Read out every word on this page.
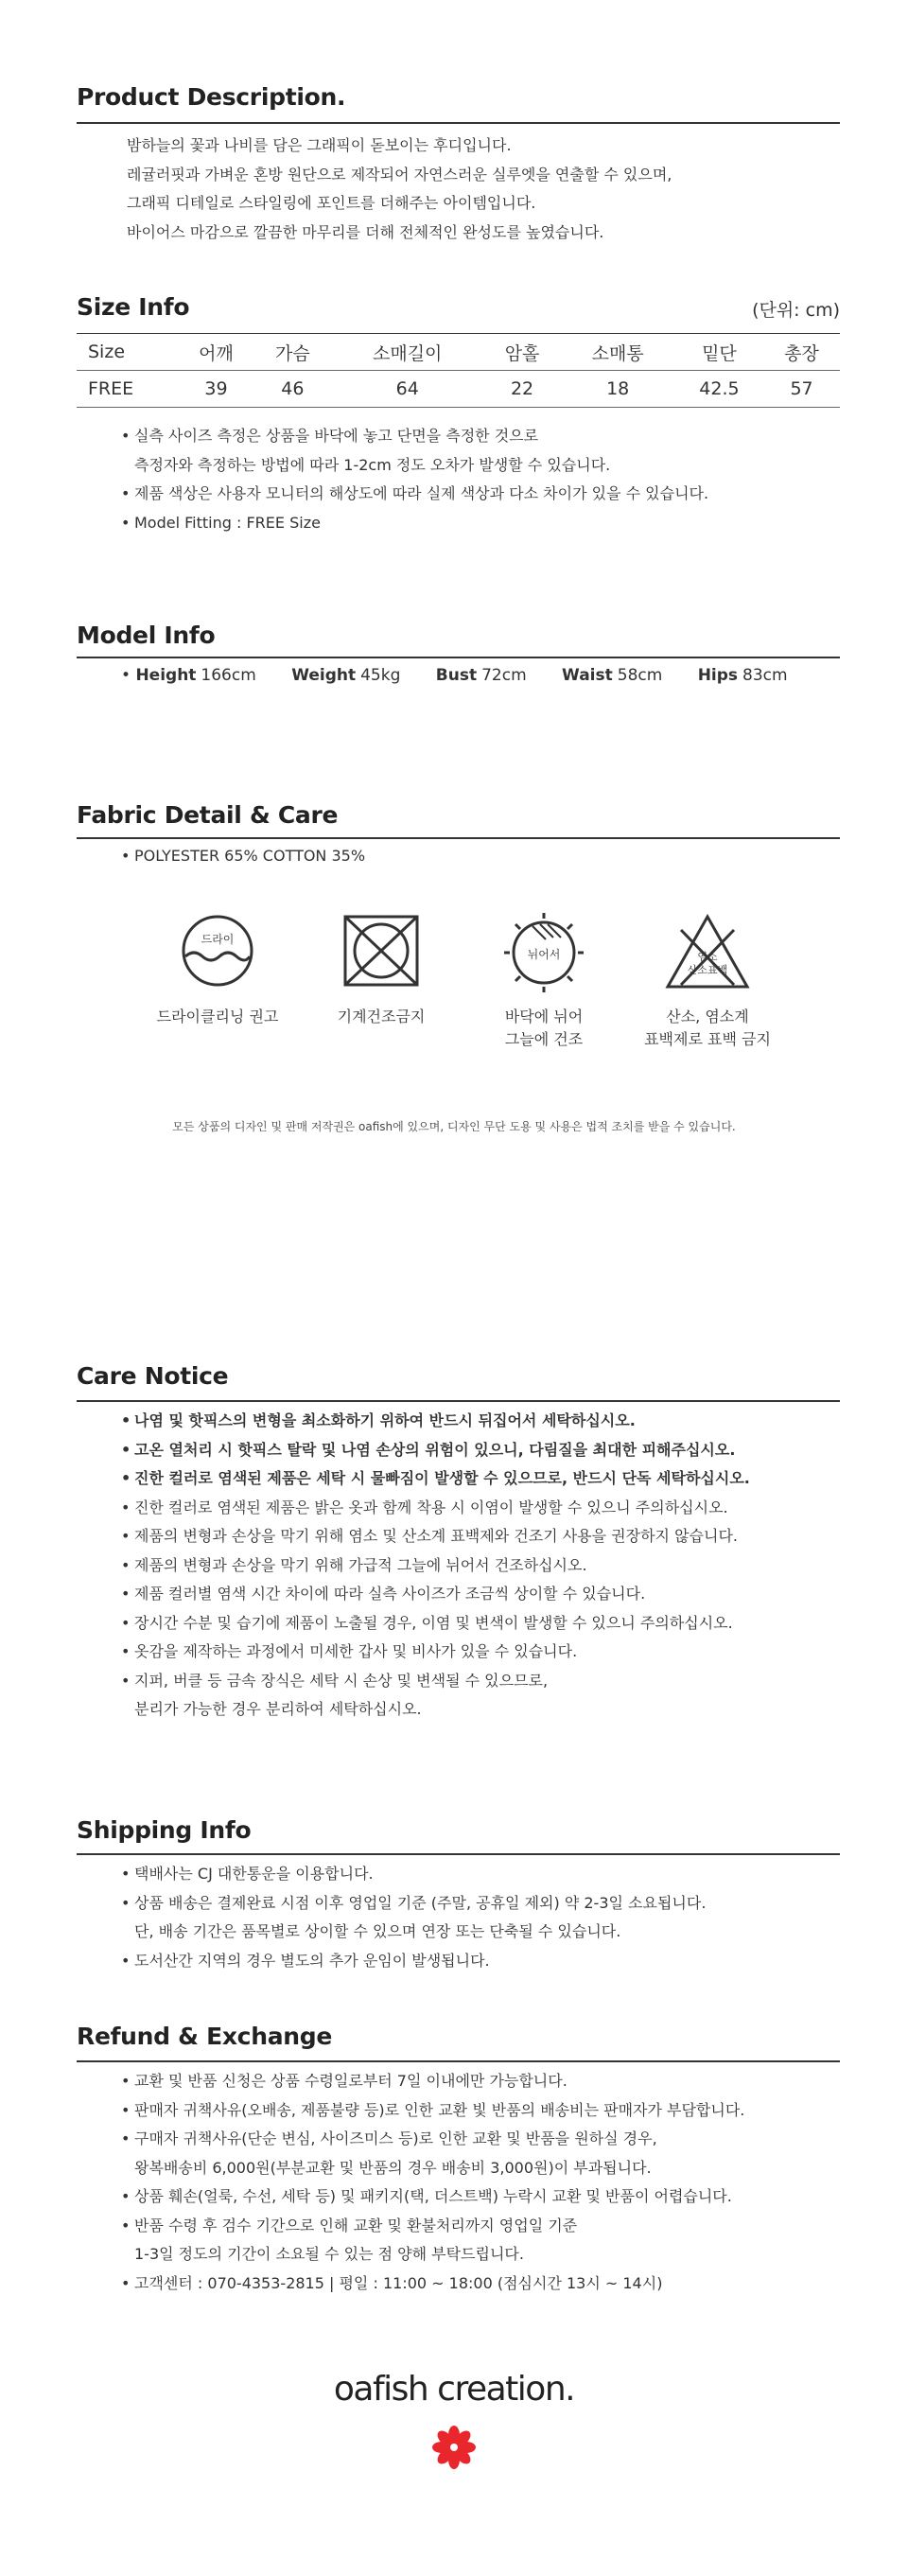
Product Description.

밤하늘의 꽃과 나비를 담은 그래픽이 돋보이는 후디입니다.

레귤러핏과 가벼운 혼방 원단으로 제작되어 자연스러운 실루엣을 연출할 수 있으며,

그래픽 디테일로 스타일링에 포인트를 더해주는 아이템입니다.

바이어스 마감으로 깔끔한 마무리를 더해 전체적인 완성도를 높였습니다.

Size Info	(단위: cm)
Size	어깨	가슴	소매길이	암홀	소매통	밑단	총장
FREE	39	46	64	22	18	42.5	57
• 실측 사이즈 측정은 상품을 바닥에 놓고 단면을 측정한 것으로
측정자와 측정하는 방법에 따라 1-2cm 정도 오차가 발생할 수 있습니다.
• 제품 색상은 사용자 모니터의 해상도에 따라 실제 색상과 다소 차이가 있을 수 있습니다.
• Model Fitting : FREE Size
Model Info
• Height 166cm Weight 45kg Bust 72cm Waist 58cm Hips 83cm
Fabric Detail & Care
• POLYESTER 65% COTTON 35%
드라이
드라이클리닝 권고	기계건조금지
뉘어서
바닥에 뉘어
그늘에 건조
염소
산소표백
산소, 염소계
표백제로 표백 금지
모든 상품의 디자인 및 판매 저작권은 oafish에 있으며, 디자인 무단 도용 및 사용은 법적 조치를 받을 수 있습니다.
Care Notice
• 나염 및 핫픽스의 변형을 최소화하기 위하여 반드시 뒤집어서 세탁하십시오.
• 고온 열처리 시 핫픽스 탈락 및 나염 손상의 위험이 있으니, 다림질을 최대한 피해주십시오.
• 진한 컬러로 염색된 제품은 세탁 시 물빠짐이 발생할 수 있으므로, 반드시 단독 세탁하십시오.
• 진한 컬러로 염색된 제품은 밝은 옷과 함께 착용 시 이염이 발생할 수 있으니 주의하십시오.
• 제품의 변형과 손상을 막기 위해 염소 및 산소계 표백제와 건조기 사용을 권장하지 않습니다.
• 제품의 변형과 손상을 막기 위해 가급적 그늘에 뉘어서 건조하십시오.
• 제품 컬러별 염색 시간 차이에 따라 실측 사이즈가 조금씩 상이할 수 있습니다.
• 장시간 수분 및 습기에 제품이 노출될 경우, 이염 및 변색이 발생할 수 있으니 주의하십시오.
• 옷감을 제작하는 과정에서 미세한 갑사 및 비사가 있을 수 있습니다.
• 지퍼, 버클 등 금속 장식은 세탁 시 손상 및 변색될 수 있으므로,
분리가 가능한 경우 분리하여 세탁하십시오.
Shipping Info
• 택배사는 CJ 대한통운을 이용합니다.
• 상품 배송은 결제완료 시점 이후 영업일 기준 (주말, 공휴일 제외) 약 2-3일 소요됩니다.
단, 배송 기간은 품목별로 상이할 수 있으며 연장 또는 단축될 수 있습니다.
• 도서산간 지역의 경우 별도의 추가 운임이 발생됩니다.
Refund & Exchange
• 교환 및 반품 신청은 상품 수령일로부터 7일 이내에만 가능합니다.
• 판매자 귀책사유(오배송, 제품불량 등)로 인한 교환 빛 반품의 배송비는 판매자가 부담합니다.
• 구매자 귀책사유(단순 변심, 사이즈미스 등)로 인한 교환 및 반품을 원하실 경우,
왕복배송비 6,000원(부분교환 및 반품의 경우 배송비 3,000원)이 부과됩니다.
• 상품 훼손(얼룩, 수선, 세탁 등) 및 패키지(택, 더스트백) 누락시 교환 및 반품이 어렵습니다.
• 반품 수령 후 검수 기간으로 인해 교환 및 환불처리까지 영업일 기준
1-3일 정도의 기간이 소요될 수 있는 점 양해 부탁드립니다.
• 고객센터 : 070-4353-2815 | 평일 : 11:00 ~ 18:00 (점심시간 13시 ~ 14시)
oafish creation.
